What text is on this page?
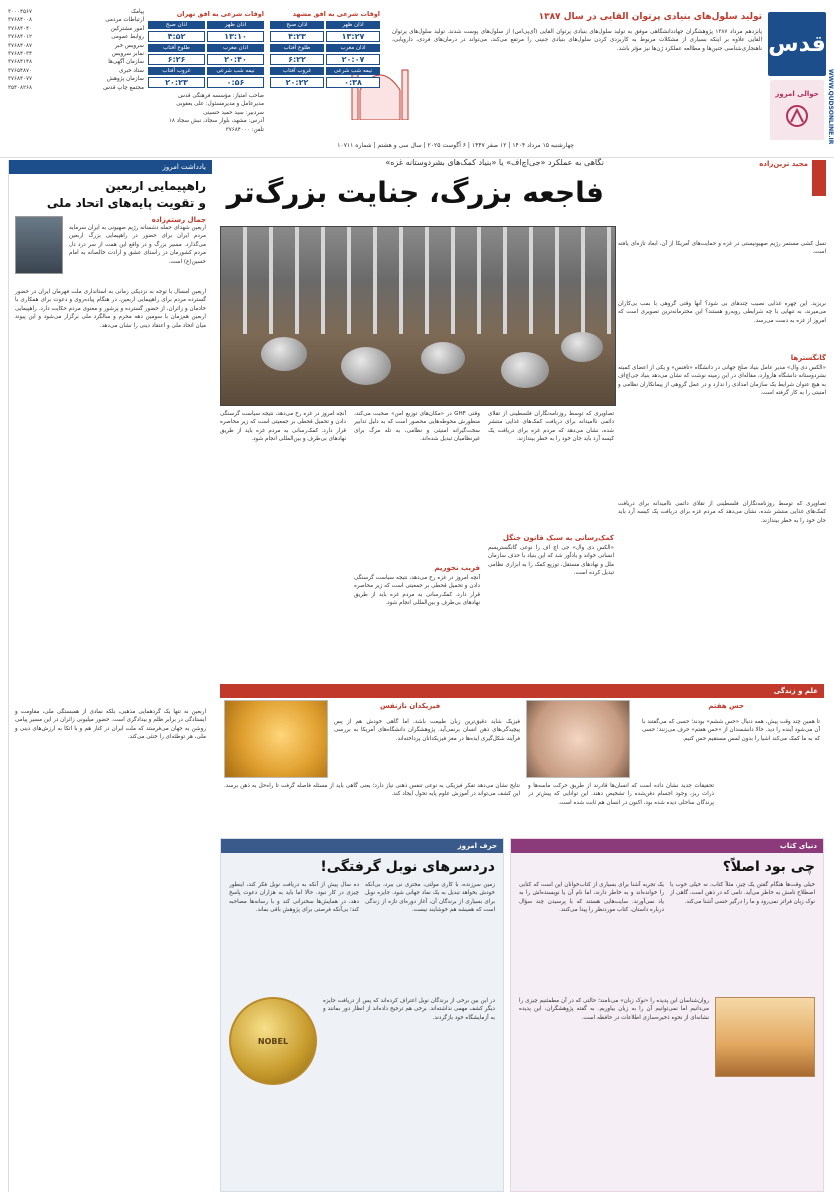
قدس
WWW.QUDSONLINE.IR
حوالی امروز
تولید سلول‌های بنیادی پرتوان القایی در سال ۱۳۸۷
پانزدهم مرداد ۱۳۸۷ پژوهشگران جهاددانشگاهی موفق به تولید سلول‌های بنیادی پرتوان القایی (آی‌پی‌اس) از سلول‌های پوست شدند. تولید سلول‌های پرتوان القایی علاوه بر اینکه بسیاری از مشکلات مربوط به کاربردی کردن سلول‌های بنیادی جنینی را مرتفع می‌کند، می‌تواند در درمان‌های فردی، دارو‌یابی، ناهنجاری‌شناسی جنین‌ها و مطالعه عملکرد ژن‌ها نیز مؤثر باشد.
اوقات شرعی به افق مشهد
اذان ظهر
اذان صبح
۱۳:۲۷
۴:۲۳
اذان مغرب
طلوع آفتاب
۲۰:۰۷
۶:۲۲
نیمه شب شرعی
غروب آفتاب
۰:۳۸
۲۰:۲۲
اوقات شرعی به افق تهران
اذان ظهر
اذان صبح
۱۳:۱۰
۴:۵۲
اذان مغرب
طلوع آفتاب
۲۰:۴۰
۶:۲۶
نیمه شب شرعی
غروب آفتاب
۰:۵۶
۲۰:۲۳
پیامک
۳۰۰۰۴۵۶۷
ارتباطات مردمی
۳۷۶۸۴۰۰۸
امور مشترکین
۳۷۶۸۴۰۴۰
روابط عمومی
۳۷۶۸۴۰۱۲
سرویس خبر
۳۷۶۸۴۰۸۷
نمابر سرویس
۳۷۶۸۴۰۳۴
سازمان آگهی‌ها
۳۷۶۸۴۱۴۸
ستاد خبری
۳۷۶۵۴۸۷۰
سازمان پژوهش
۳۷۶۸۴۰۷۷
مجتمع چاپ قدس
۳۵۴۰۸۲۶۸
صاحب امتیاز: مؤسسه فرهنگی قدس
مدیرعامل و مدیرمسئول: علی یعقوبی
سردبیر: سید حمید حسینی
آدرس: مشهد، بلوار سجاد، نبش سجاد ۱۸
تلفن: ۳۷۶۸۴۰۰۰
چهارشنبه ۱۵ مرداد ۱۴۰۴ | ۱۲ صفر ۱۴۴۷ | ۶ آگوست ۲۰۲۵ | سال سی و هشتم | شماره ۱۰۷۱۱
یادداشت امروز
راهپیمایی اربعین
و تقویت پایه‌های اتحاد ملی
جمال رستم‌زاده
اربعین شهدای حمله دشمنانه رژیم صهیونی به ایران سرمایه مردم ایران برای حضور در راهپیمایی بزرگ اربعین می‌گذارد. مسیر بزرگ و در واقع این همت از سر درد دل مردم کشورمان در راستای عشق و ارادت خالصانه به امام حسین(ع) است.
اربعین امسال با توجه به نزدیکی زمانی به استانداری ملت فهرمان ایران در حضور گسترده مردم برای راهپیمایی اربعین، در هنگام پیاده‌روی و دعوت برای همکاری با خادمان و زائران، از حضور گسترده و پرشور و معنوی مردم حکایت دارد. راهپیمایی اربعین هم‌زمان با سومین دهه محرم و سالگرد ملی برگزار می‌شود و این پیوند میان اتحاد ملی و اعتقاد دینی را نشان می‌دهد.
اربعین نه تنها یک گردهمایی مذهبی، بلکه نمادی از همبستگی ملی، مقاومت و ایستادگی در برابر ظلم و بیدادگری است. حضور میلیونی زائران در این مسیر پیامی روشن به جهان می‌فرستد که ملت ایران در کنار هم و با اتکا به ارزش‌های دینی و ملی، هر توطئه‌ای را خنثی می‌کند.
مجید ترین‌زاده
نگاهی به عملکرد «جی‌اچ‌اف» یا «بنیاد کمک‌های بشردوستانه غزه»
فاجعه بزرگ، جنایت بزرگ‌تر
نسل کشی مستمر رژیم صهیونیستی در غزه و حمایت‌های آمریکا از آن، ابعاد تازه‌ای یافته است.
بریزید. این چهره غذایی نصیب چندهای بی شود؟ آنها وقتی گروهی با بمب بی‌کاران می‌میرند، به تنهایی با چه شرایطی روبه‌رو هستند؟ این محترمانه‌ترین تصویری است که امروز از غزه به دست می‌رسد.
گانگسترها
«الکس دی وال» مدیر عامل بنیاد صلح جهانی در دانشگاه «تافتس» و یکی از اعضای کمیته بشردوستانه دانشگاه هاروارد، مقاله‌ای در این زمینه نوشت که نشان می‌دهد بنیاد جی‌اچ‌اف به هیچ عنوان شرایط یک سازمان امدادی را ندارد و در عمل گروهی از پیمانکاران نظامی و امنیتی را به کار گرفته است.
تصاویری که توسط روزنامه‌نگاران فلسطینی از تقلای دائمی ناامیدانه برای دریافت کمک‌های غذایی منتشر شده، نشان می‌دهد که مردم غزه برای دریافت یک کیسه آرد باید جان خود را به خطر بیندازند.
تصاویری که توسط روزنامه‌نگاران فلسطینی از تقلای دائمی ناامیدانه برای دریافت کمک‌های غذایی منتشر شده، نشان می‌دهد که مردم غزه برای دریافت یک کیسه آرد باید جان خود را به خطر بیندازند.
کمک‌رسانی به سبک قانون جنگل
«الکس دی وال» جی اچ اف را نوعی گانگستریسم انسانی خواند و یادآور شد که این بنیاد با حذف سازمان ملل و نهادهای مستقل، توزیع کمک را به ابزاری نظامی تبدیل کرده است.
وقتی GHF در «مکان‌های توزیع امن» صحبت می‌کند، منظورش محوطه‌هایی محصور است که به دلیل تدابیر سخت‌گیرانه امنیتی و نظامی، به تله مرگ برای غیرنظامیان تبدیل شده‌اند.
فریب نخوریم
آنچه امروز در غزه رخ می‌دهد، نتیجه سیاست گرسنگی دادن و تحمیل قحطی بر جمعیتی است که زیر محاصره قرار دارد. کمک‌رسانی به مردم غزه باید از طریق نهادهای بی‌طرف و بین‌المللی انجام شود.
آنچه امروز در غزه رخ می‌دهد، نتیجه سیاست گرسنگی دادن و تحمیل قحطی بر جمعیتی است که زیر محاصره قرار دارد. کمک‌رسانی به مردم غزه باید از طریق نهادهای بی‌طرف و بین‌المللی انجام شود.
علم و زندگی
حس هفتم
تا همین چند وقت پیش، همه دنبال «حس ششم» بودند؛ حسی که می‌گفتند با آن می‌شود آینده را دید. حالا دانشمندان از «حس هفتم» حرف می‌زنند؛ حسی که به ما کمک می‌کند اشیا را بدون لمس مستقیم حس کنیم.
فیزیکدان نازنفس
فیزیک شاید دقیق‌ترین زبان طبیعت باشد، اما گاهی خودش هم از پس پیچیدگی‌های ذهن انسان برنمی‌آید. پژوهشگران دانشگاه‌های آمریکا به بررسی فرآیند شکل‌گیری ایده‌ها در مغز فیزیکدانان پرداخته‌اند.
نتایج نشان می‌دهد تفکر فیزیکی به نوعی تنفس ذهنی نیاز دارد؛ یعنی گاهی باید از مسئله فاصله گرفت تا راه‌حل به ذهن برسد. این کشف می‌تواند در آموزش علوم پایه تحول ایجاد کند.
تحقیقات جدید نشان داده است که انسان‌ها قادرند از طریق حرکت ماسه‌ها و ذرات ریز، وجود اجسام دفن‌شده را تشخیص دهند. این توانایی که پیش‌تر در پرندگان ساحلی دیده شده بود، اکنون در انسان هم ثابت شده است.
حرف امروز
دردسرهای نوبل گرفتگی!
زمین سرزنده، با کاری مولتی، مختری نی ببرد، بی‌آنکه خودش بخواهد تبدیل به یک نماد جهانی شود. جایزه نوبل برای بسیاری از برندگان آن، آغاز دوره‌ای تازه از زندگی است که همیشه هم خوشایند نیست.
ده سال پیش از آنکه به دریافت نوبل فکر کند، اینطور چیزی در کار نبود. حالا اما باید به هزاران دعوت پاسخ دهد، در همایش‌ها سخنرانی کند و با رسانه‌ها مصاحبه کند؛ بی‌آنکه فرصتی برای پژوهش باقی بماند.
در این بین برخی از برندگان نوبل اعتراف کرده‌اند که پس از دریافت جایزه دیگر کشف مهمی نداشته‌اند. برخی هم ترجیح داده‌اند از انظار دور بمانند و به آزمایشگاه خود بازگردند.
NOBEL
دنیای کتاب
چی بود اصلاً؟
خیلی وقت‌ها هنگام گفتن یک چیز، مثلاً کتاب، نه خیلی خوب با اصطلاح نامش به خاطر می‌آید. نامی که در ذهن است، گاهی از نوک زبان فراتر نمی‌رود و ما را درگیر حسی آشنا می‌کند.
یک تجربه آشنا برای بسیاری از کتاب‌خوانان این است که کتابی را خوانده‌اند و به خاطر دارند، اما نام آن یا نویسنده‌اش را به یاد نمی‌آورند. سایت‌هایی هستند که با پرسیدن چند سؤال درباره داستان، کتاب موردنظر را پیدا می‌کنند.
روان‌شناسان این پدیده را «نوک زبان» می‌نامند؛ حالتی که در آن مطمئنیم چیزی را می‌دانیم اما نمی‌توانیم آن را به زبان بیاوریم. به گفته پژوهشگران، این پدیده نشانه‌ای از نحوه ذخیره‌سازی اطلاعات در حافظه است.
